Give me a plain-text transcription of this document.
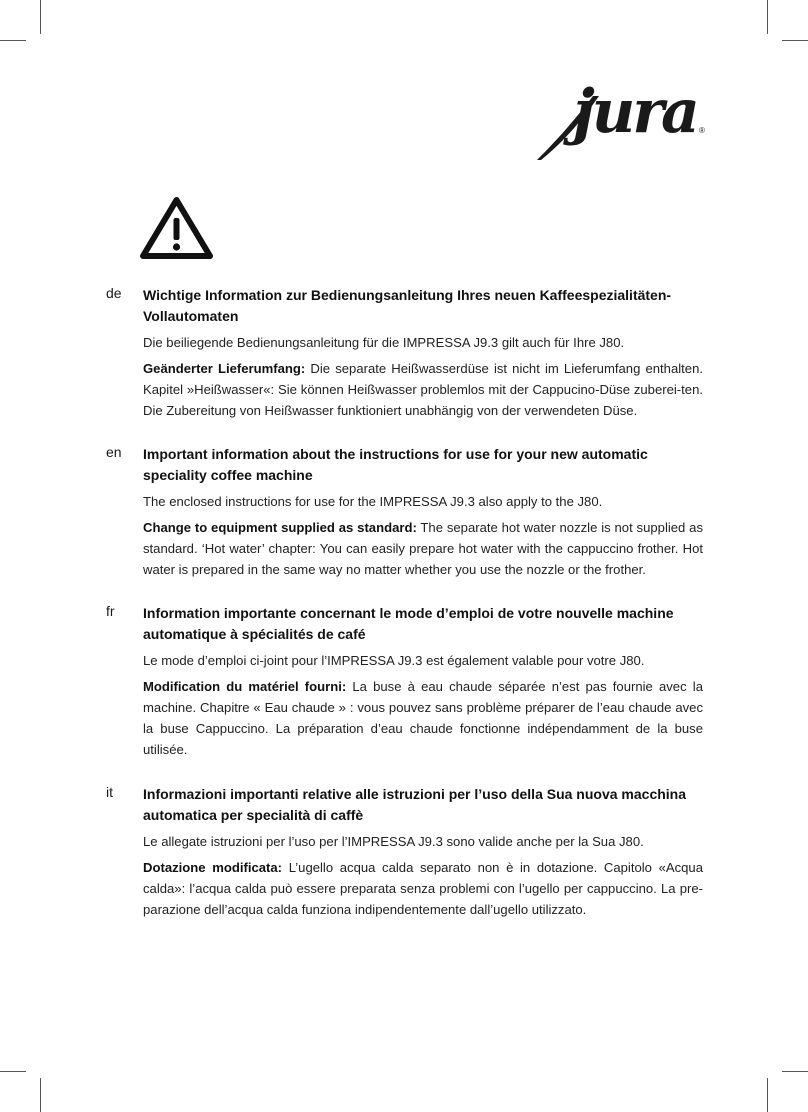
jura ®
de Wichtige Information zur Bedienungsanleitung Ihres neuen Kaffeespezialitäten-Vollautomaten
Die beiliegende Bedienungsanleitung für die IMPRESSA J9.3 gilt auch für Ihre J80.
Geänderter Lieferumfang: Die separate Heißwasserdüse ist nicht im Lieferumfang enthalten. Kapitel »Heißwasser«: Sie können Heißwasser problemlos mit der Cappucino-Düse zuberei-ten. Die Zubereitung von Heißwasser funktioniert unabhängig von der verwendeten Düse.
en Important information about the instructions for use for your new automatic speciality coffee machine
The enclosed instructions for use for the IMPRESSA J9.3 also apply to the J80.
Change to equipment supplied as standard: The separate hot water nozzle is not supplied as standard. ‘Hot water’ chapter: You can easily prepare hot water with the cappuccino frother. Hot water is prepared in the same way no matter whether you use the nozzle or the frother.
fr Information importante concernant le mode d’emploi de votre nouvelle machine automatique à spécialités de café
Le mode d’emploi ci-joint pour l’IMPRESSA J9.3 est également valable pour votre J80.
Modification du matériel fourni: La buse à eau chaude séparée n’est pas fournie avec la machine. Chapitre « Eau chaude » : vous pouvez sans problème préparer de l’eau chaude avec la buse Cappuccino. La préparation d’eau chaude fonctionne indépendamment de la buse utilisée.
it Informazioni importanti relative alle istruzioni per l’uso della Sua nuova macchina automatica per specialità di caffè
Le allegate istruzioni per l’uso per l’IMPRESSA J9.3 sono valide anche per la Sua J80.
Dotazione modificata: L’ugello acqua calda separato non è in dotazione. Capitolo «Acqua calda»: l’acqua calda può essere preparata senza problemi con l’ugello per cappuccino. La pre-parazione dell’acqua calda funziona indipendentemente dall’ugello utilizzato.
